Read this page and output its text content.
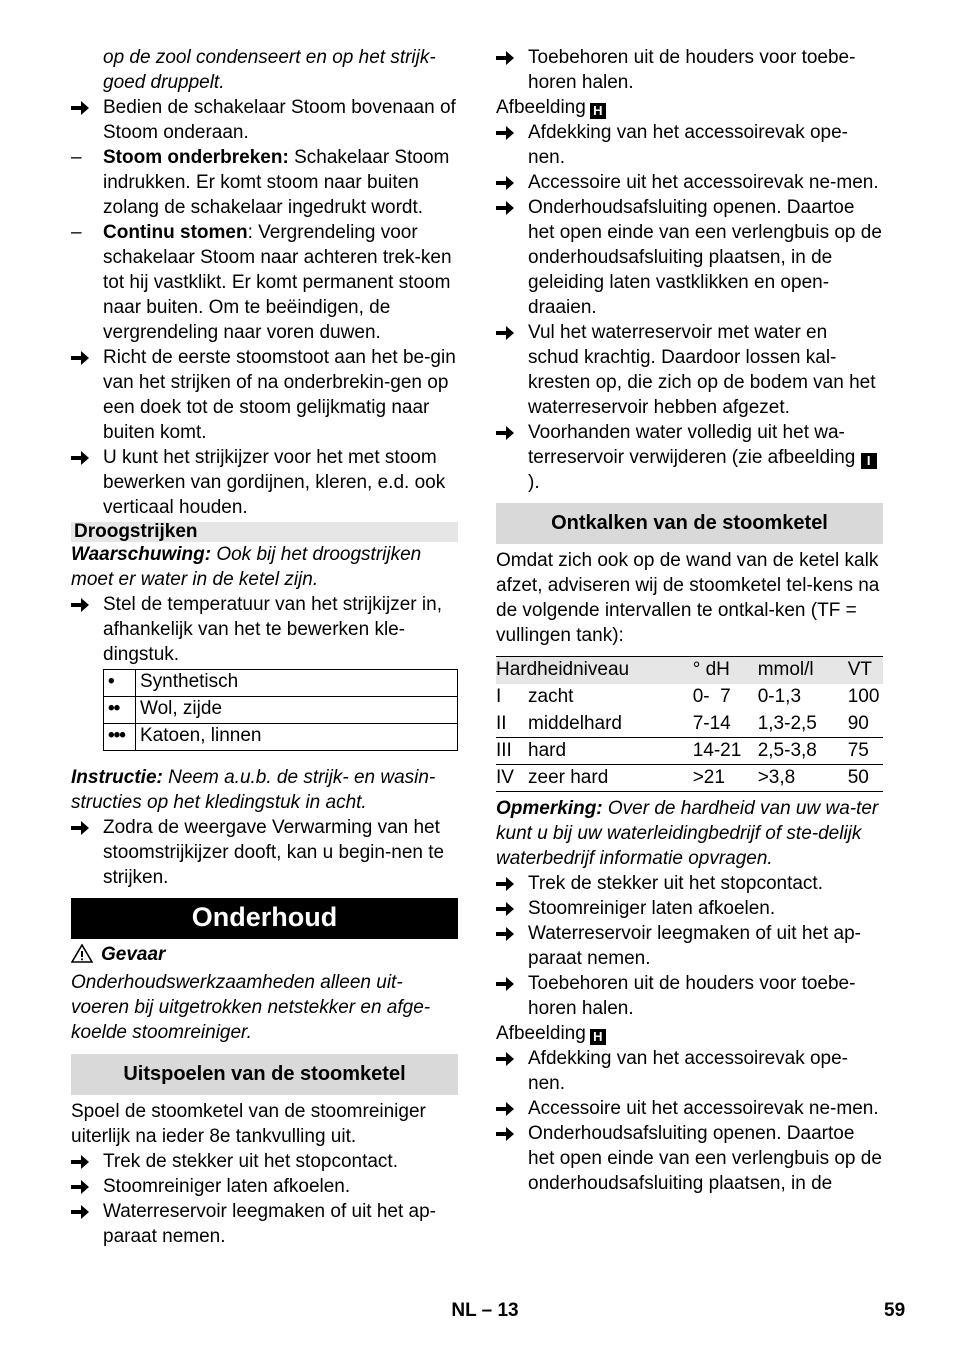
op de zool condenseert en op het strijk-goed druppelt.

Bedien de schakelaar Stoom bovenaan of Stoom onderaan.
–	Stoom onderbreken: Schakelaar Stoom indrukken. Er komt stoom naar buiten zolang de schakelaar ingedrukt wordt.
–	Continu stomen: Vergrendeling voor schakelaar Stoom naar achteren trek-ken tot hij vastklikt. Er komt permanent stoom naar buiten. Om te beëindigen, de vergrendeling naar voren duwen.
Richt de eerste stoomstoot aan het be-gin van het strijken of na onderbrekin-gen op een doek tot de stoom gelijkmatig naar buiten komt.
U kunt het strijkijzer voor het met stoom bewerken van gordijnen, kleren, e.d. ook verticaal houden.
Droogstrijken

Waarschuwing: Ook bij het droogstrijken moet er water in de ketel zijn.

Stel de temperatuur van het strijkijzer in, afhankelijk van het te bewerken kle-dingstuk.
•	Synthetisch
••	Wol, zijde
•••	Katoen, linnen

Instructie: Neem a.u.b. de strijk- en wasin-structies op het kledingstuk in acht.

Zodra de weergave Verwarming van het stoomstrijkijzer dooft, kan u begin-nen te strijken.
Onderhoud

Gevaar

Onderhoudswerkzaamheden alleen uit-voeren bij uitgetrokken netstekker en afge-koelde stoomreiniger.

Uitspoelen van de stoomketel

Spoel de stoomketel van de stoomreiniger uiterlijk na ieder 8e tankvulling uit.

Trek de stekker uit het stopcontact.
Stoomreiniger laten afkoelen.
Waterreservoir leegmaken of uit het ap-paraat nemen.
Toebehoren uit de houders voor toebe-horen halen.

Afbeelding H

Afdekking van het accessoirevak ope-nen.
Accessoire uit het accessoirevak ne-men.
Onderhoudsafsluiting openen. Daartoe het open einde van een verlengbuis op de onderhoudsafsluiting plaatsen, in de geleiding laten vastklikken en open-draaien.
Vul het waterreservoir met water en schud krachtig. Daardoor lossen kal-kresten op, die zich op de bodem van het waterreservoir hebben afgezet.
Voorhanden water volledig uit het wa-terreservoir verwijderen (zie afbeelding I).
Ontkalken van de stoomketel

Omdat zich ook op de wand van de ketel kalk afzet, adviseren wij de stoomketel tel-kens na de volgende intervallen te ontkal-ken (TF = vullingen tank):

Hardheidniveau		° dH	mmol/l	VT
I	zacht	0-  7	0-1,3	100
II	middelhard	7-14	1,3-2,5	90
III	hard	14-21	2,5-3,8	75
IV	zeer hard	>21	>3,8	50

Opmerking: Over de hardheid van uw wa-ter kunt u bij uw waterleidingbedrijf of ste-delijk waterbedrijf informatie opvragen.

Trek de stekker uit het stopcontact.
Stoomreiniger laten afkoelen.
Waterreservoir leegmaken of uit het ap-paraat nemen.
Toebehoren uit de houders voor toebe-horen halen.

Afbeelding H

Afdekking van het accessoirevak ope-nen.
Accessoire uit het accessoirevak ne-men.
Onderhoudsafsluiting openen. Daartoe het open einde van een verlengbuis op de onderhoudsafsluiting plaatsen, in de
NL – 13	59
